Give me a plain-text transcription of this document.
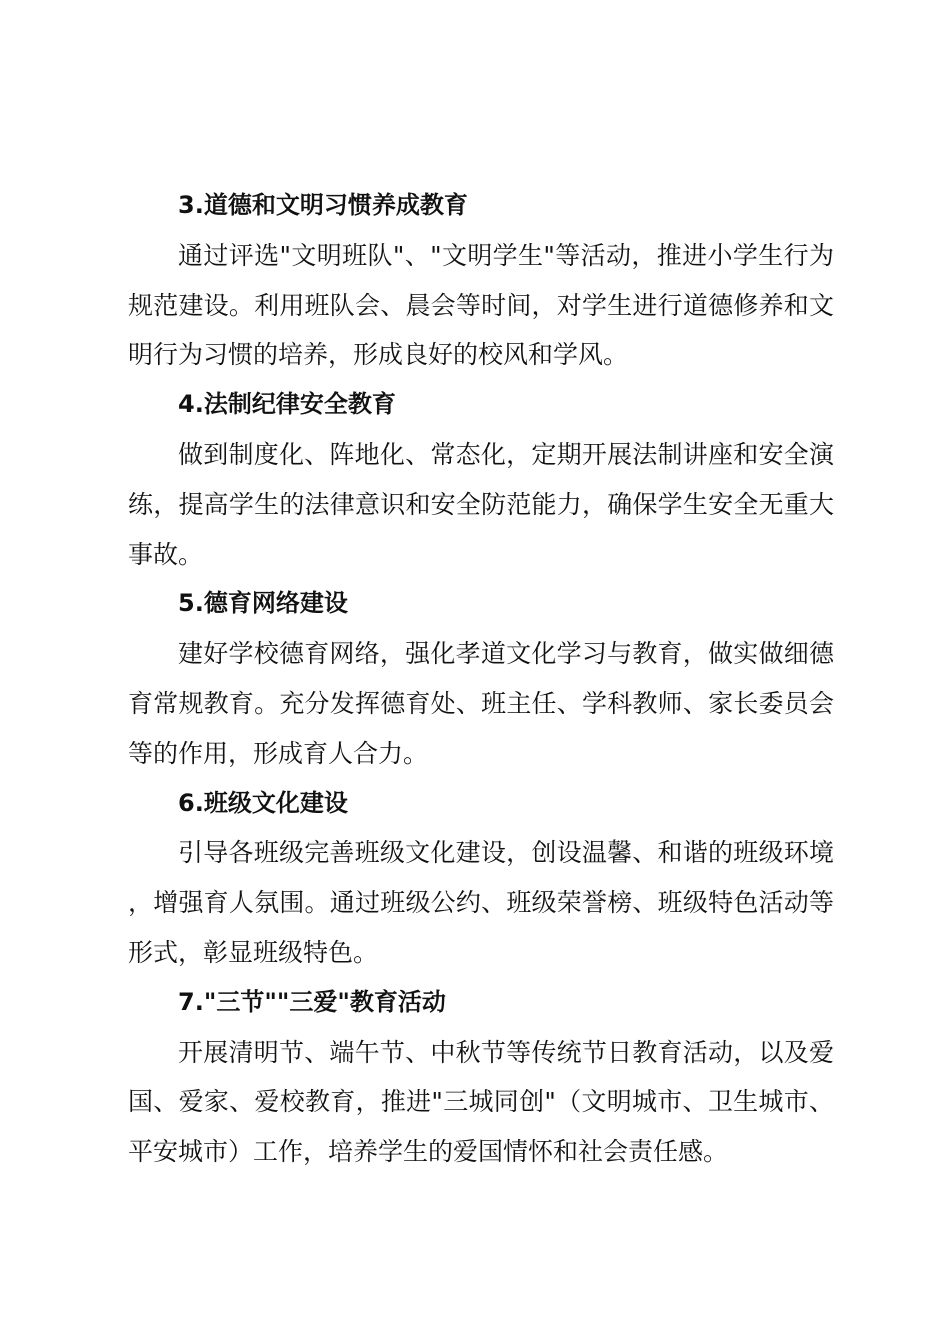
3.道德和文明习惯养成教育

通过评选"文明班队"、"文明学生"等活动，推进小学生行为规范建设。利用班队会、晨会等时间，对学生进行道德修养和文明行为习惯的培养，形成良好的校风和学风。

4.法制纪律安全教育

做到制度化、阵地化、常态化，定期开展法制讲座和安全演练，提高学生的法律意识和安全防范能力，确保学生安全无重大事故。

5.德育网络建设

建好学校德育网络，强化孝道文化学习与教育，做实做细德育常规教育。充分发挥德育处、班主任、学科教师、家长委员会等的作用，形成育人合力。

6.班级文化建设

引导各班级完善班级文化建设，创设温馨、和谐的班级环境，增强育人氛围。通过班级公约、班级荣誉榜、班级特色活动等形式，彰显班级特色。

7."三节""三爱"教育活动

开展清明节、端午节、中秋节等传统节日教育活动，以及爱国、爱家、爱校教育，推进"三城同创"（文明城市、卫生城市、平安城市）工作，培养学生的爱国情怀和社会责任感。
